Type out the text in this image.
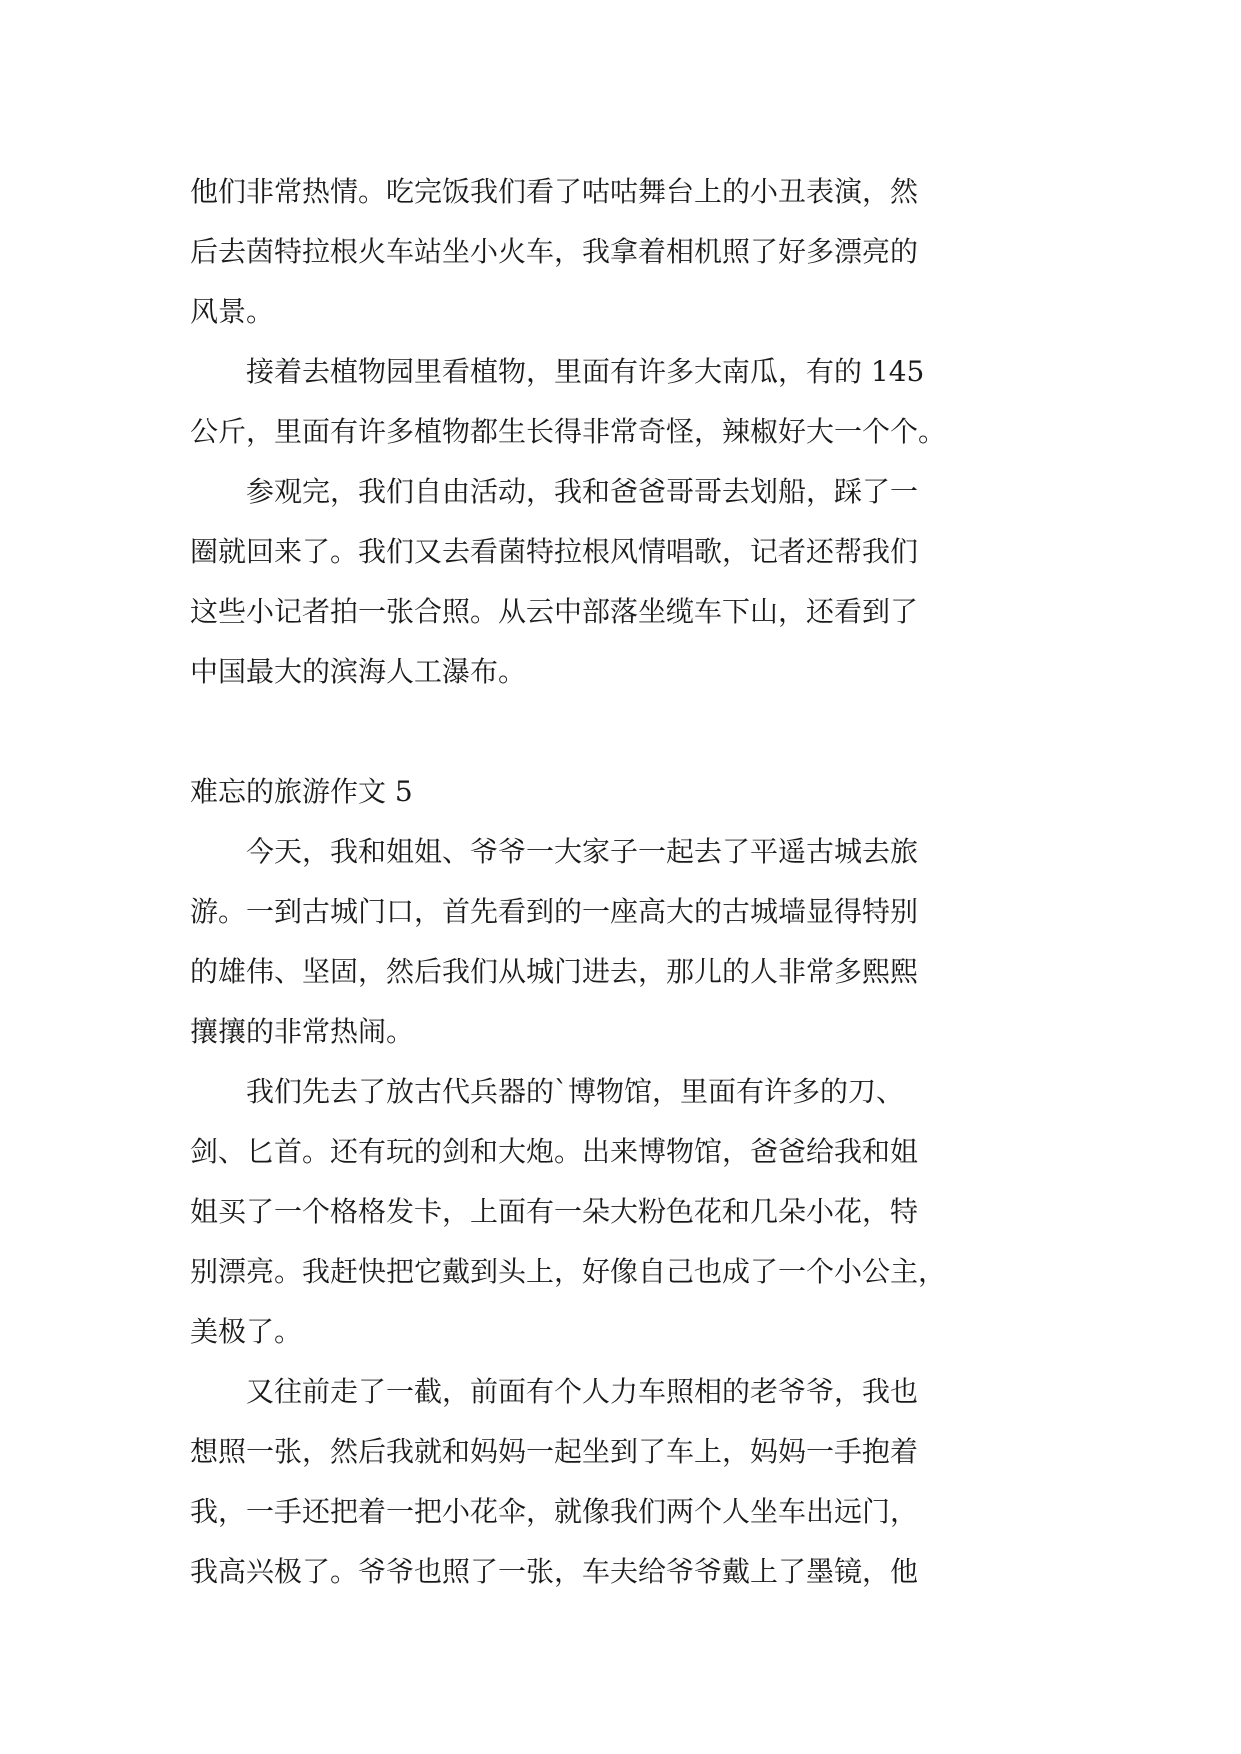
他们非常热情。吃完饭我们看了咕咕舞台上的小丑表演，然
后去茵特拉根火车站坐小火车，我拿着相机照了好多漂亮的
风景。
接着去植物园里看植物，里面有许多大南瓜，有的 145
公斤，里面有许多植物都生长得非常奇怪，辣椒好大一个个。
参观完，我们自由活动，我和爸爸哥哥去划船，踩了一
圈就回来了。我们又去看菌特拉根风情唱歌，记者还帮我们
这些小记者拍一张合照。从云中部落坐缆车下山，还看到了
中国最大的滨海人工瀑布。
难忘的旅游作文 5
今天，我和姐姐、爷爷一大家子一起去了平遥古城去旅
游。一到古城门口，首先看到的一座高大的古城墙显得特别
的雄伟、坚固，然后我们从城门进去，那儿的人非常多熙熙
攘攘的非常热闹。
我们先去了放古代兵器的`博物馆，里面有许多的刀、
剑、匕首。还有玩的剑和大炮。出来博物馆，爸爸给我和姐
姐买了一个格格发卡，上面有一朵大粉色花和几朵小花，特
别漂亮。我赶快把它戴到头上，好像自己也成了一个小公主，
美极了。
又往前走了一截，前面有个人力车照相的老爷爷，我也
想照一张，然后我就和妈妈一起坐到了车上，妈妈一手抱着
我，一手还把着一把小花伞，就像我们两个人坐车出远门，
我高兴极了。爷爷也照了一张，车夫给爷爷戴上了墨镜，他
